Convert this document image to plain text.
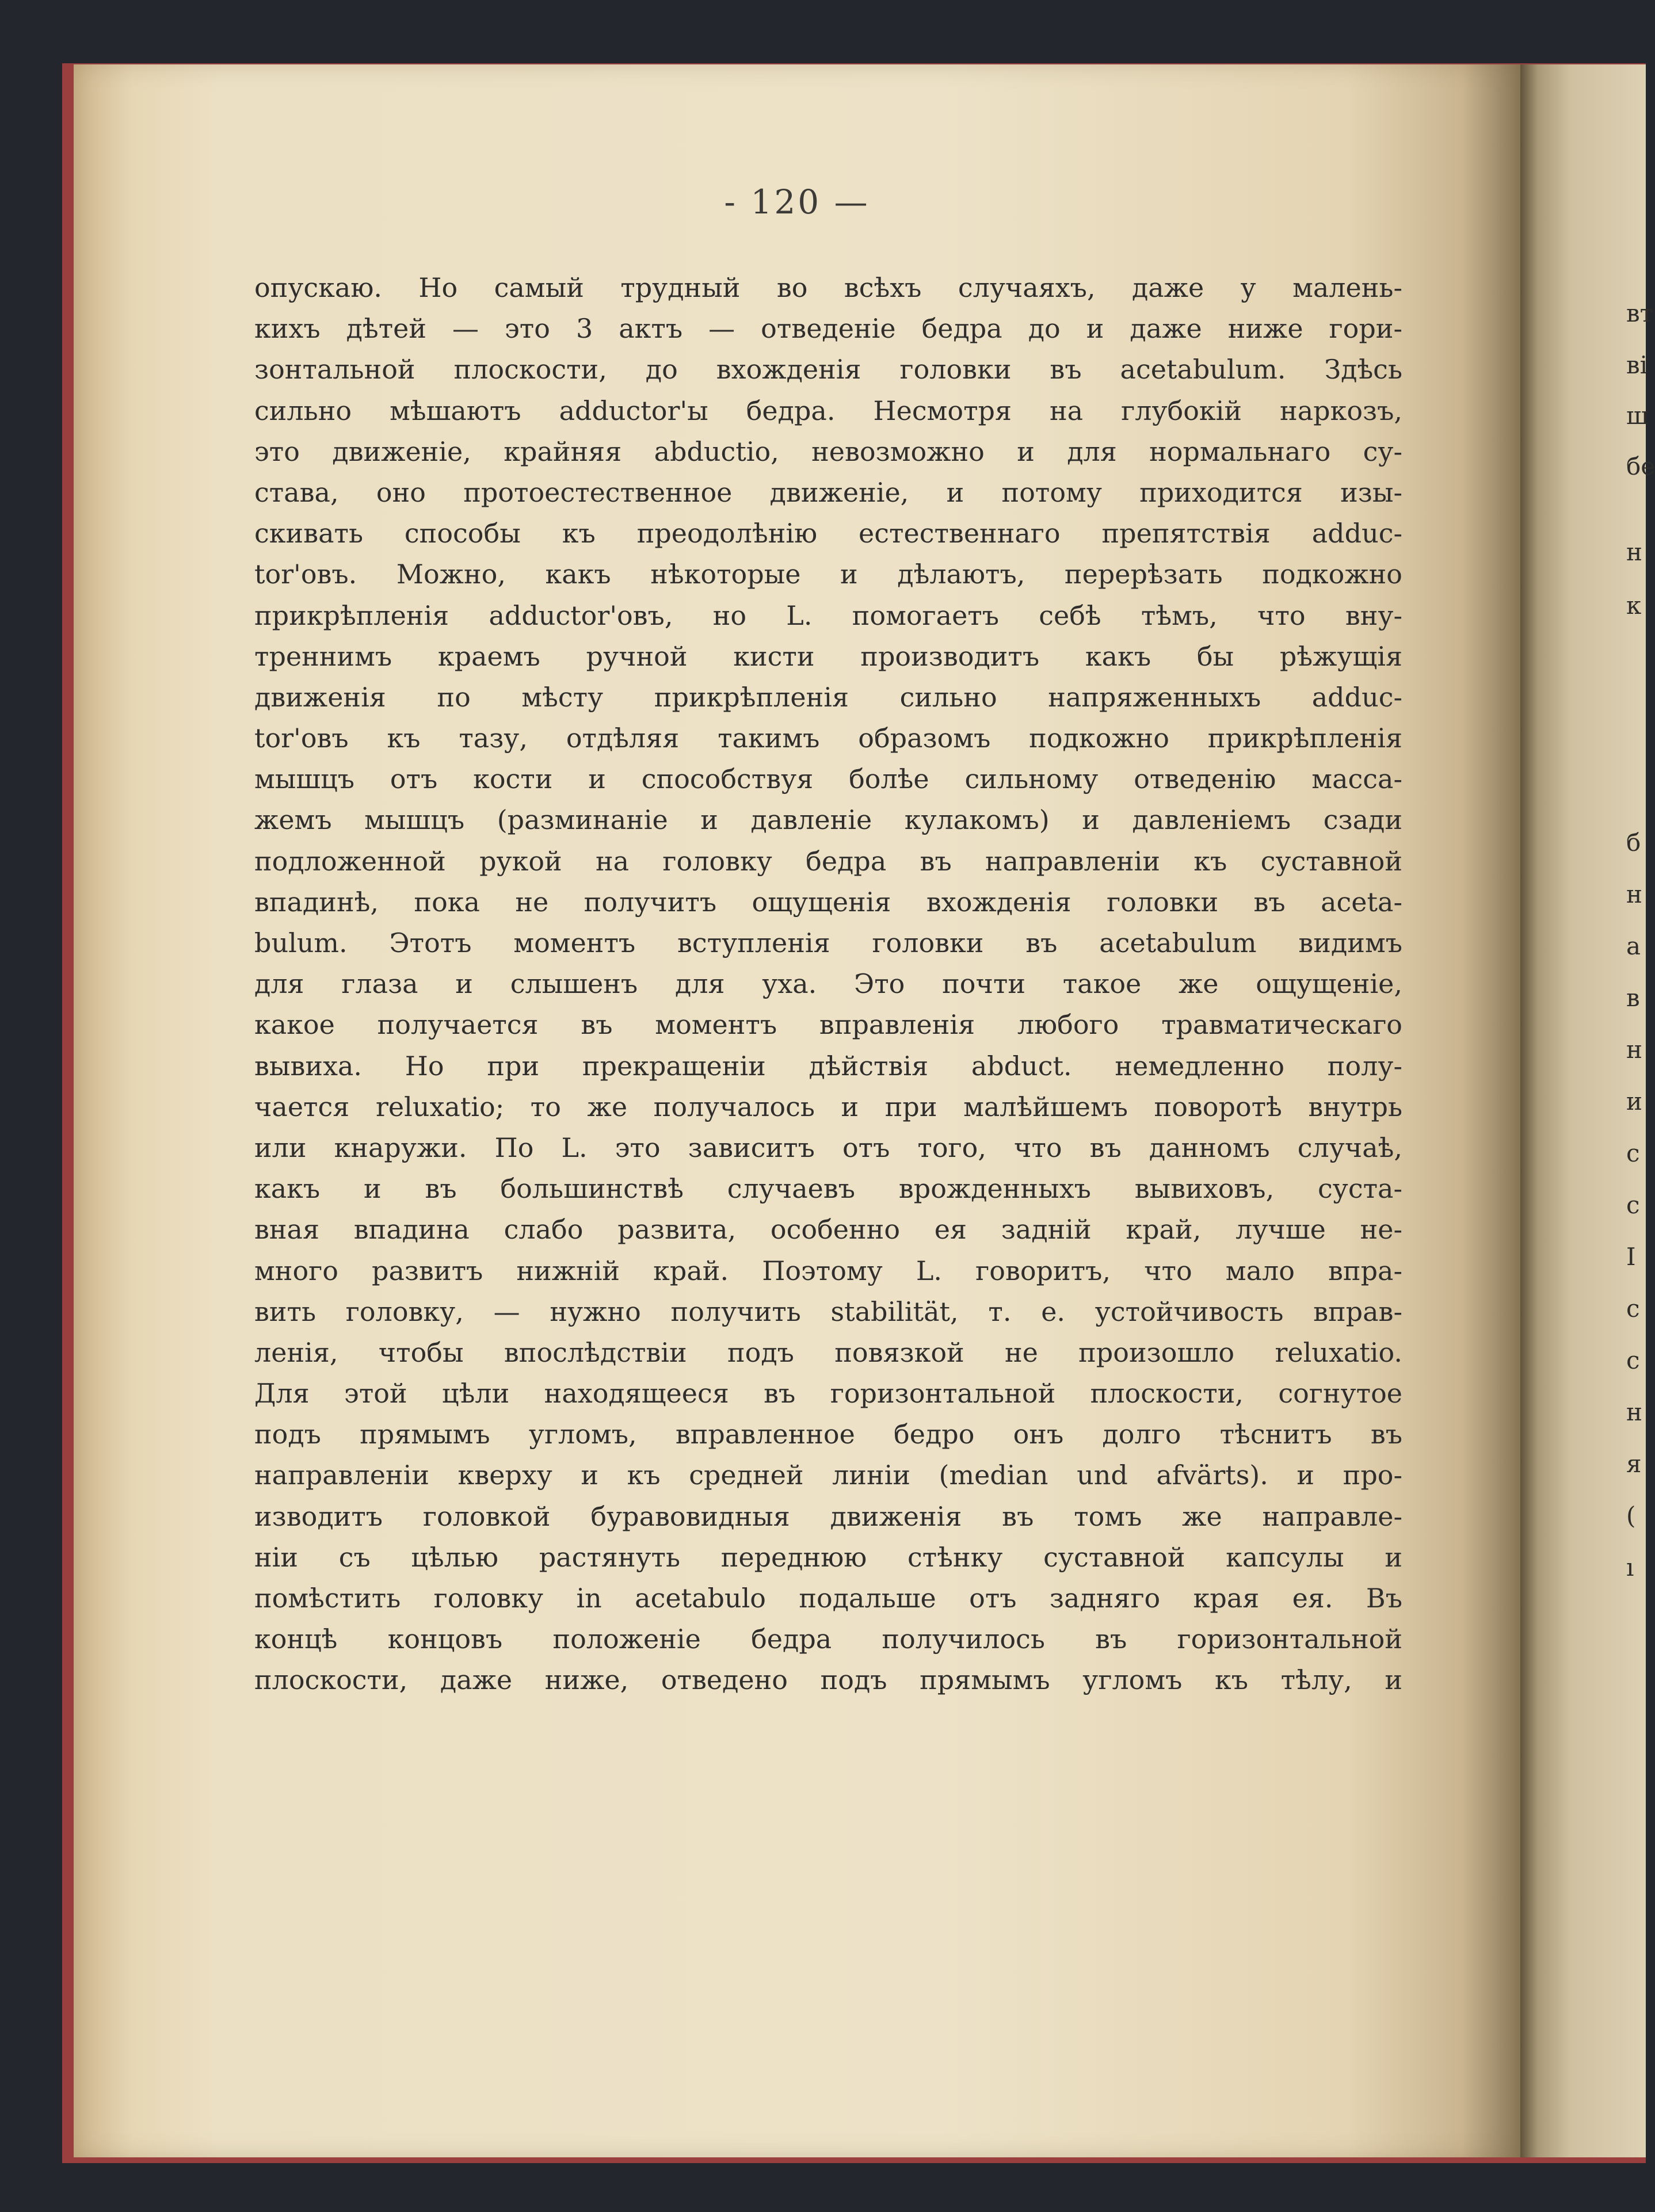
- 120 —
опускаю. Но самый трудный во всѣхъ случаяхъ, даже у малень-
кихъ дѣтей — это 3 актъ — отведеніе бедра до и даже ниже гори-
зонтальной плоскости, до вхожденія головки въ acetabulum. Здѣсь
сильно мѣшаютъ adductor'ы бедра. Несмотря на глубокій наркозъ,
это движеніе, крайняя abductio, невозможно и для нормальнаго су-
става, оно протоестественное движеніе, и потому приходится изы-
скивать способы къ преодолѣнію естественнаго препятствія adduc-
tor'овъ. Можно, какъ нѣкоторые и дѣлаютъ, перерѣзать подкожно
прикрѣпленія adductor'овъ, но L. помогаетъ себѣ тѣмъ, что вну-
треннимъ краемъ ручной кисти производитъ какъ бы рѣжущія
движенія по мѣсту прикрѣпленія сильно напряженныхъ adduc-
tor'овъ къ тазу, отдѣляя такимъ образомъ подкожно прикрѣпленія
мышцъ отъ кости и способствуя болѣе сильному отведенію масса-
жемъ мышцъ (разминаніе и давленіе кулакомъ) и давленіемъ сзади
подложенной рукой на головку бедра въ направленіи къ суставной
впадинѣ, пока не получитъ ощущенія вхожденія головки въ aceta-
bulum. Этотъ моментъ вступленія головки въ acetabulum видимъ
для глаза и слышенъ для уха. Это почти такое же ощущеніе,
какое получается въ моментъ вправленія любого травматическаго
вывиха. Но при прекращеніи дѣйствія abduct. немедленно полу-
чается reluxatio; то же получалось и при малѣйшемъ поворотѣ внутрь
или кнаружи. По L. это зависитъ отъ того, что въ данномъ случаѣ,
какъ и въ большинствѣ случаевъ врожденныхъ вывиховъ, суста-
вная впадина слабо развита, особенно ея задній край, лучше не-
много развитъ нижній край. Поэтому L. говоритъ, что мало впра-
вить головку, — нужно получить stabilität, т. е. устойчивость вправ-
ленія, чтобы впослѣдствіи подъ повязкой не произошло reluxatio.
Для этой цѣли находящееся въ горизонтальной плоскости, согнутое
подъ прямымъ угломъ, вправленное бедро онъ долго тѣснитъ въ
направленіи кверху и къ средней линіи (median und afvärts). и про-
изводитъ головкой буравовидныя движенія въ томъ же направле-
ніи съ цѣлью растянуть переднюю стѣнку суставной капсулы и
помѣстить головку in acetabulo подальше отъ задняго края ея. Въ
концѣ концовъ положеніе бедра получилось въ горизонтальной
плоскости, даже ниже, отведено подъ прямымъ угломъ къ тѣлу, и
вт
ві
ш
бе
н
к
б
н
а
в
н
и
с
с
І
с
с
н
я
(
ı
